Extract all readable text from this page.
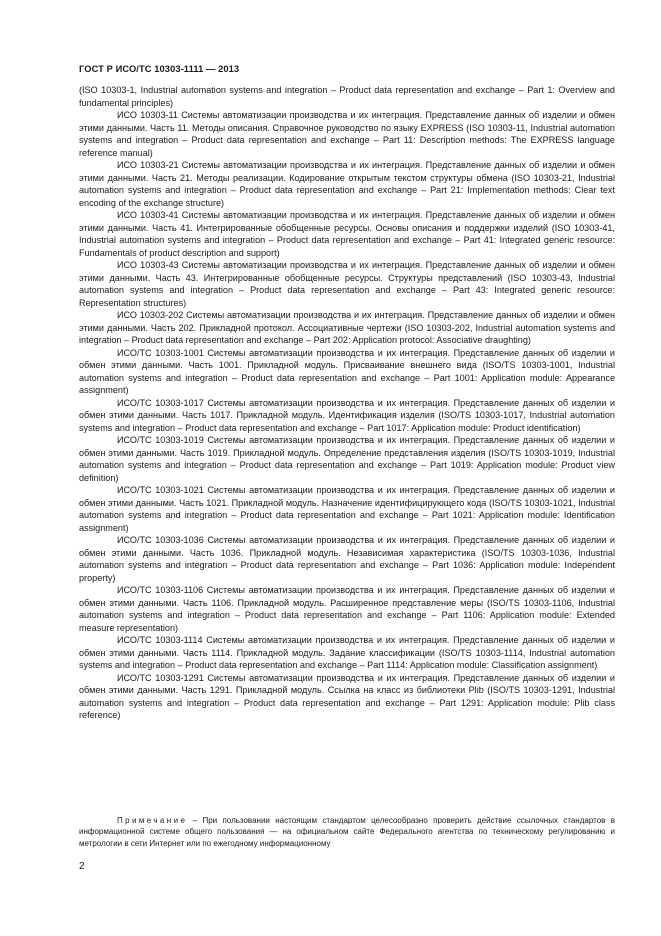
ГОСТ Р ИСО/ТС 10303-1111 — 2013

(ISO 10303-1, Industrial automation systems and integration – Product data representation and exchange – Part 1: Overview and fundamental principles)

ИСО 10303-11 Системы автоматизации производства и их интеграция. Представление данных об изделии и обмен этими данными. Часть 11. Методы описания. Справочное руководство по языку EXPRESS (ISO 10303-11, Industrial automation systems and integration – Product data representation and exchange – Part 11: Description methods: The EXPRESS language reference manual)

ИСО 10303-21 Системы автоматизации производства и их интеграция. Представление данных об изделии и обмен этими данными. Часть 21. Методы реализации. Кодирование открытым текстом структуры обмена (ISO 10303-21, Industrial automation systems and integration – Product data representation and exchange – Part 21: Implementation methods: Clear text encoding of the exchange structure)

ИСО 10303-41 Системы автоматизации производства и их интеграция. Представление данных об изделии и обмен этими данными. Часть 41. Интегрированные обобщенные ресурсы. Основы описания и поддержки изделий (ISO 10303-41, Industrial automation systems and integration – Product data representation and exchange – Part 41: Integrated generic resource: Fundamentals of product description and support)

ИСО 10303-43 Системы автоматизации производства и их интеграция. Представление данных об изделии и обмен этими данными. Часть 43. Интегрированные обобщенные ресурсы. Структуры представлений (ISO 10303-43, Industrial automation systems and integration – Product data representation and exchange – Part 43: Integrated generic resource: Representation structures)

ИСО 10303-202 Системы автоматизации производства и их интеграция. Представление данных об изделии и обмен этими данными. Часть 202. Прикладной протокол. Ассоциативные чертежи (ISO 10303-202, Industrial automation systems and integration – Product data representation and exchange – Part 202: Application protocol: Associative draughting)

ИСО/ТС 10303-1001 Системы автоматизации производства и их интеграция. Представление данных об изделии и обмен этими данными. Часть 1001. Прикладной модуль. Присваивание внешнего вида (ISO/TS 10303-1001, Industrial automation systems and integration – Product data representation and exchange – Part 1001: Application module: Appearance assignment)

ИСО/ТС 10303-1017 Системы автоматизации производства и их интеграция. Представление данных об изделии и обмен этими данными. Часть 1017. Прикладной модуль. Идентификация изделия (ISO/TS 10303-1017, Industrial automation systems and integration – Product data representation and exchange – Part 1017: Application module: Product identification)

ИСО/ТС 10303-1019 Системы автоматизации производства и их интеграция. Представление данных об изделии и обмен этими данными. Часть 1019. Прикладной модуль. Определение представления изделия (ISO/TS 10303-1019, Industrial automation systems and integration – Product data representation and exchange – Part 1019: Application module: Product view definition)

ИСО/ТС 10303-1021 Системы автоматизации производства и их интеграция. Представление данных об изделии и обмен этими данными. Часть 1021. Прикладной модуль. Назначение идентифицирующего кода (ISO/TS 10303-1021, Industrial automation systems and integration – Product data representation and exchange – Part 1021: Application module: Identification assignment)

ИСО/ТС 10303-1036 Системы автоматизации производства и их интеграция. Представление данных об изделии и обмен этими данными. Часть 1036. Прикладной модуль. Независимая характеристика (ISO/TS 10303-1036, Industrial automation systems and integration – Product data representation and exchange – Part 1036: Application module: Independent property)

ИСО/ТС 10303-1106 Системы автоматизации производства и их интеграция. Представление данных об изделии и обмен этими данными. Часть 1106. Прикладной модуль. Расширенное представление меры (ISO/TS 10303-1106, Industrial automation systems and integration – Product data representation and exchange – Part 1106: Application module: Extended measure representation)

ИСО/ТС 10303-1114 Системы автоматизации производства и их интеграция. Представление данных об изделии и обмен этими данными. Часть 1114. Прикладной модуль. Задание классификации (ISO/TS 10303-1114, Industrial automation systems and integration – Product data representation and exchange – Part 1114: Application module: Classification assignment)

ИСО/ТС 10303-1291 Системы автоматизации производства и их интеграция. Представление данных об изделии и обмен этими данными. Часть 1291. Прикладной модуль. Ссылка на класс из библиотеки Plib (ISO/TS 10303-1291, Industrial automation systems and integration – Product data representation and exchange – Part 1291: Application module: Plib class reference)

Примечание – При пользовании настоящим стандартом целесообразно проверить действие ссылочных стандартов в информационной системе общего пользования — на официальном сайте Федерального агентства по техническому регулированию и метрологии в сети Интернет или по ежегодному информационному

2
